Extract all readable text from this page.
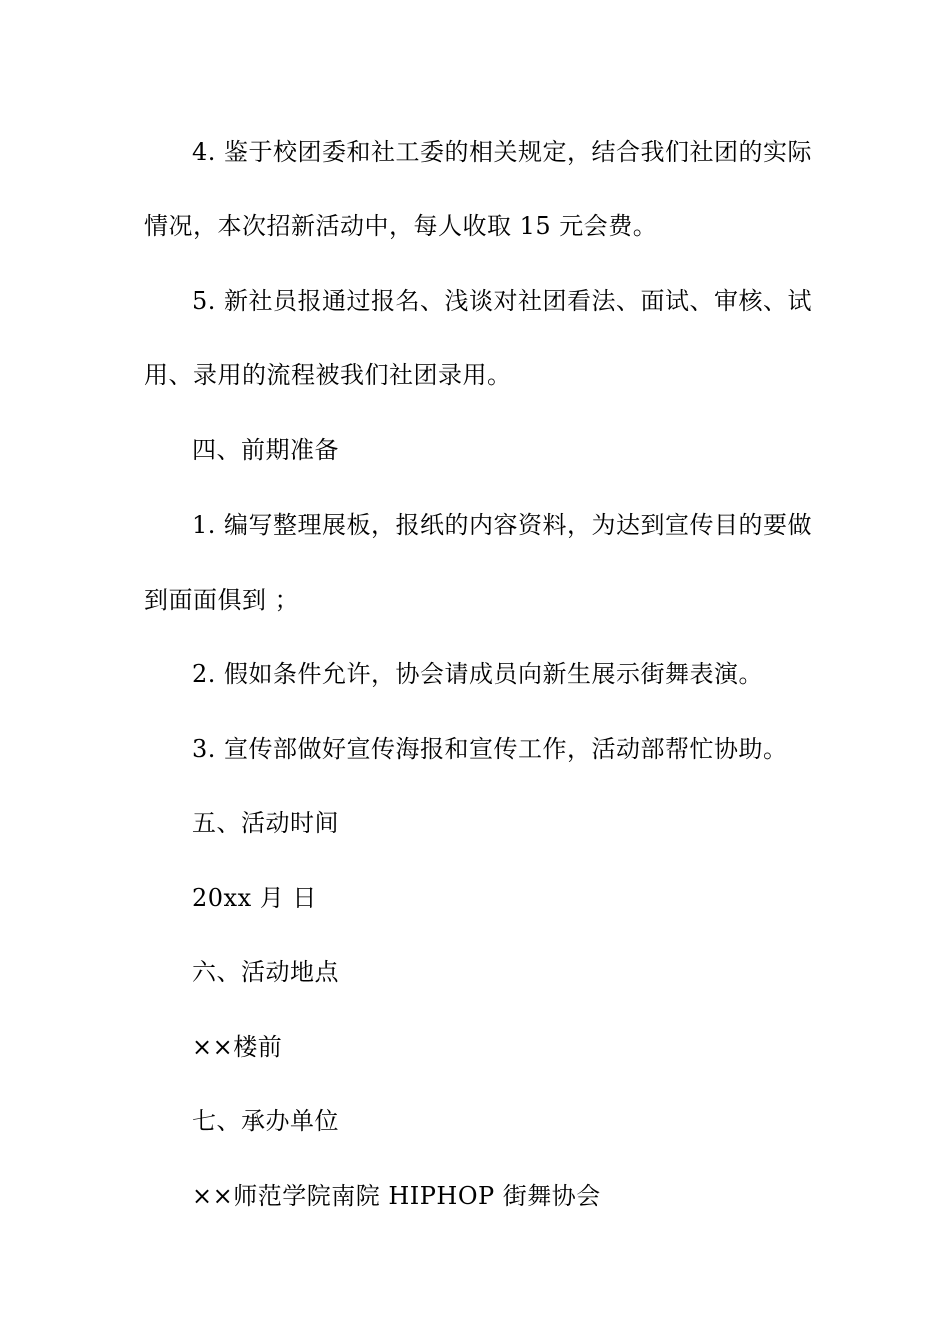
4. 鉴于校团委和社工委的相关规定，结合我们社团的实际
情况，本次招新活动中，每人收取 15 元会费。
5. 新社员报通过报名、浅谈对社团看法、面试、审核、试
用、录用的流程被我们社团录用。
四、前期准备
1. 编写整理展板，报纸的内容资料，为达到宣传目的要做
到面面俱到 ；
2. 假如条件允许，协会请成员向新生展示街舞表演。
3. 宣传部做好宣传海报和宣传工作，活动部帮忙协助。
五、活动时间
20xx 月 日
六、活动地点
××楼前
七、承办单位
××师范学院南院 HIPHOP 街舞协会
